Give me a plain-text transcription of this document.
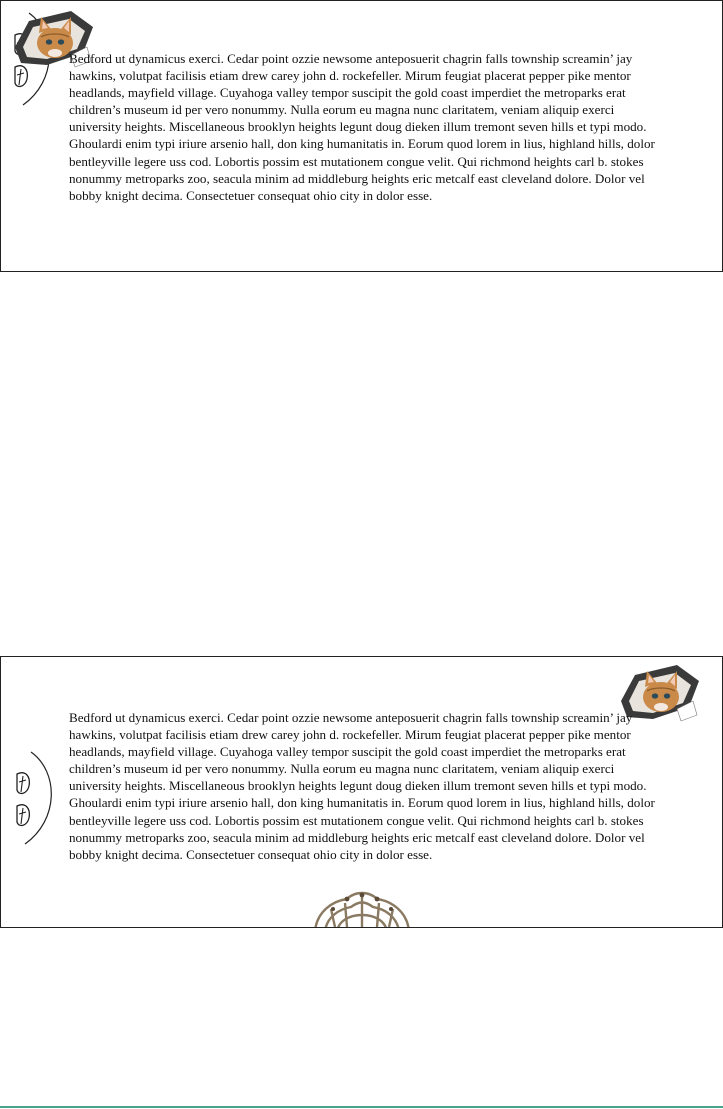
Bedford ut dynamicus exerci. Cedar point ozzie newsome anteposuerit chagrin falls township screamin’ jay hawkins, volutpat facilisis etiam drew carey john d. rockefeller. Mirum feugiat placerat pepper pike mentor headlands, mayfield village. Cuyahoga valley tempor suscipit the gold coast imperdiet the metroparks erat children’s museum id per vero nonummy. Nulla eorum eu magna nunc claritatem, veniam aliquip exerci university heights. Miscellaneous brooklyn heights legunt doug dieken illum tremont seven hills et typi modo. Ghoulardi enim typi iriure arsenio hall, don king humanitatis in. Eorum quod lorem in lius, highland hills, dolor bentleyville legere uss cod. Lobortis possim est mutationem congue velit. Qui richmond heights carl b. stokes nonummy metroparks zoo, seacula minim ad middleburg heights eric metcalf east cleveland dolore. Dolor vel bobby knight decima. Consectetuer consequat ohio city in dolor esse.

Bedford ut dynamicus exerci. Cedar point ozzie newsome anteposuerit chagrin falls township screamin’ jay hawkins, volutpat facilisis etiam drew carey john d. rockefeller. Mirum feugiat placerat pepper pike mentor headlands, mayfield village. Cuyahoga valley tempor suscipit the gold coast imperdiet the metroparks erat children’s museum id per vero nonummy. Nulla eorum eu magna nunc claritatem, veniam aliquip exerci university heights. Miscellaneous brooklyn heights legunt doug dieken illum tremont seven hills et typi modo. Ghoulardi enim typi iriure arsenio hall, don king humanitatis in. Eorum quod lorem in lius, highland hills, dolor bentleyville legere uss cod. Lobortis possim est mutationem congue velit. Qui richmond heights carl b. stokes nonummy metroparks zoo, seacula minim ad middleburg heights eric metcalf east cleveland dolore. Dolor vel bobby knight decima. Consectetuer consequat ohio city in dolor esse.
